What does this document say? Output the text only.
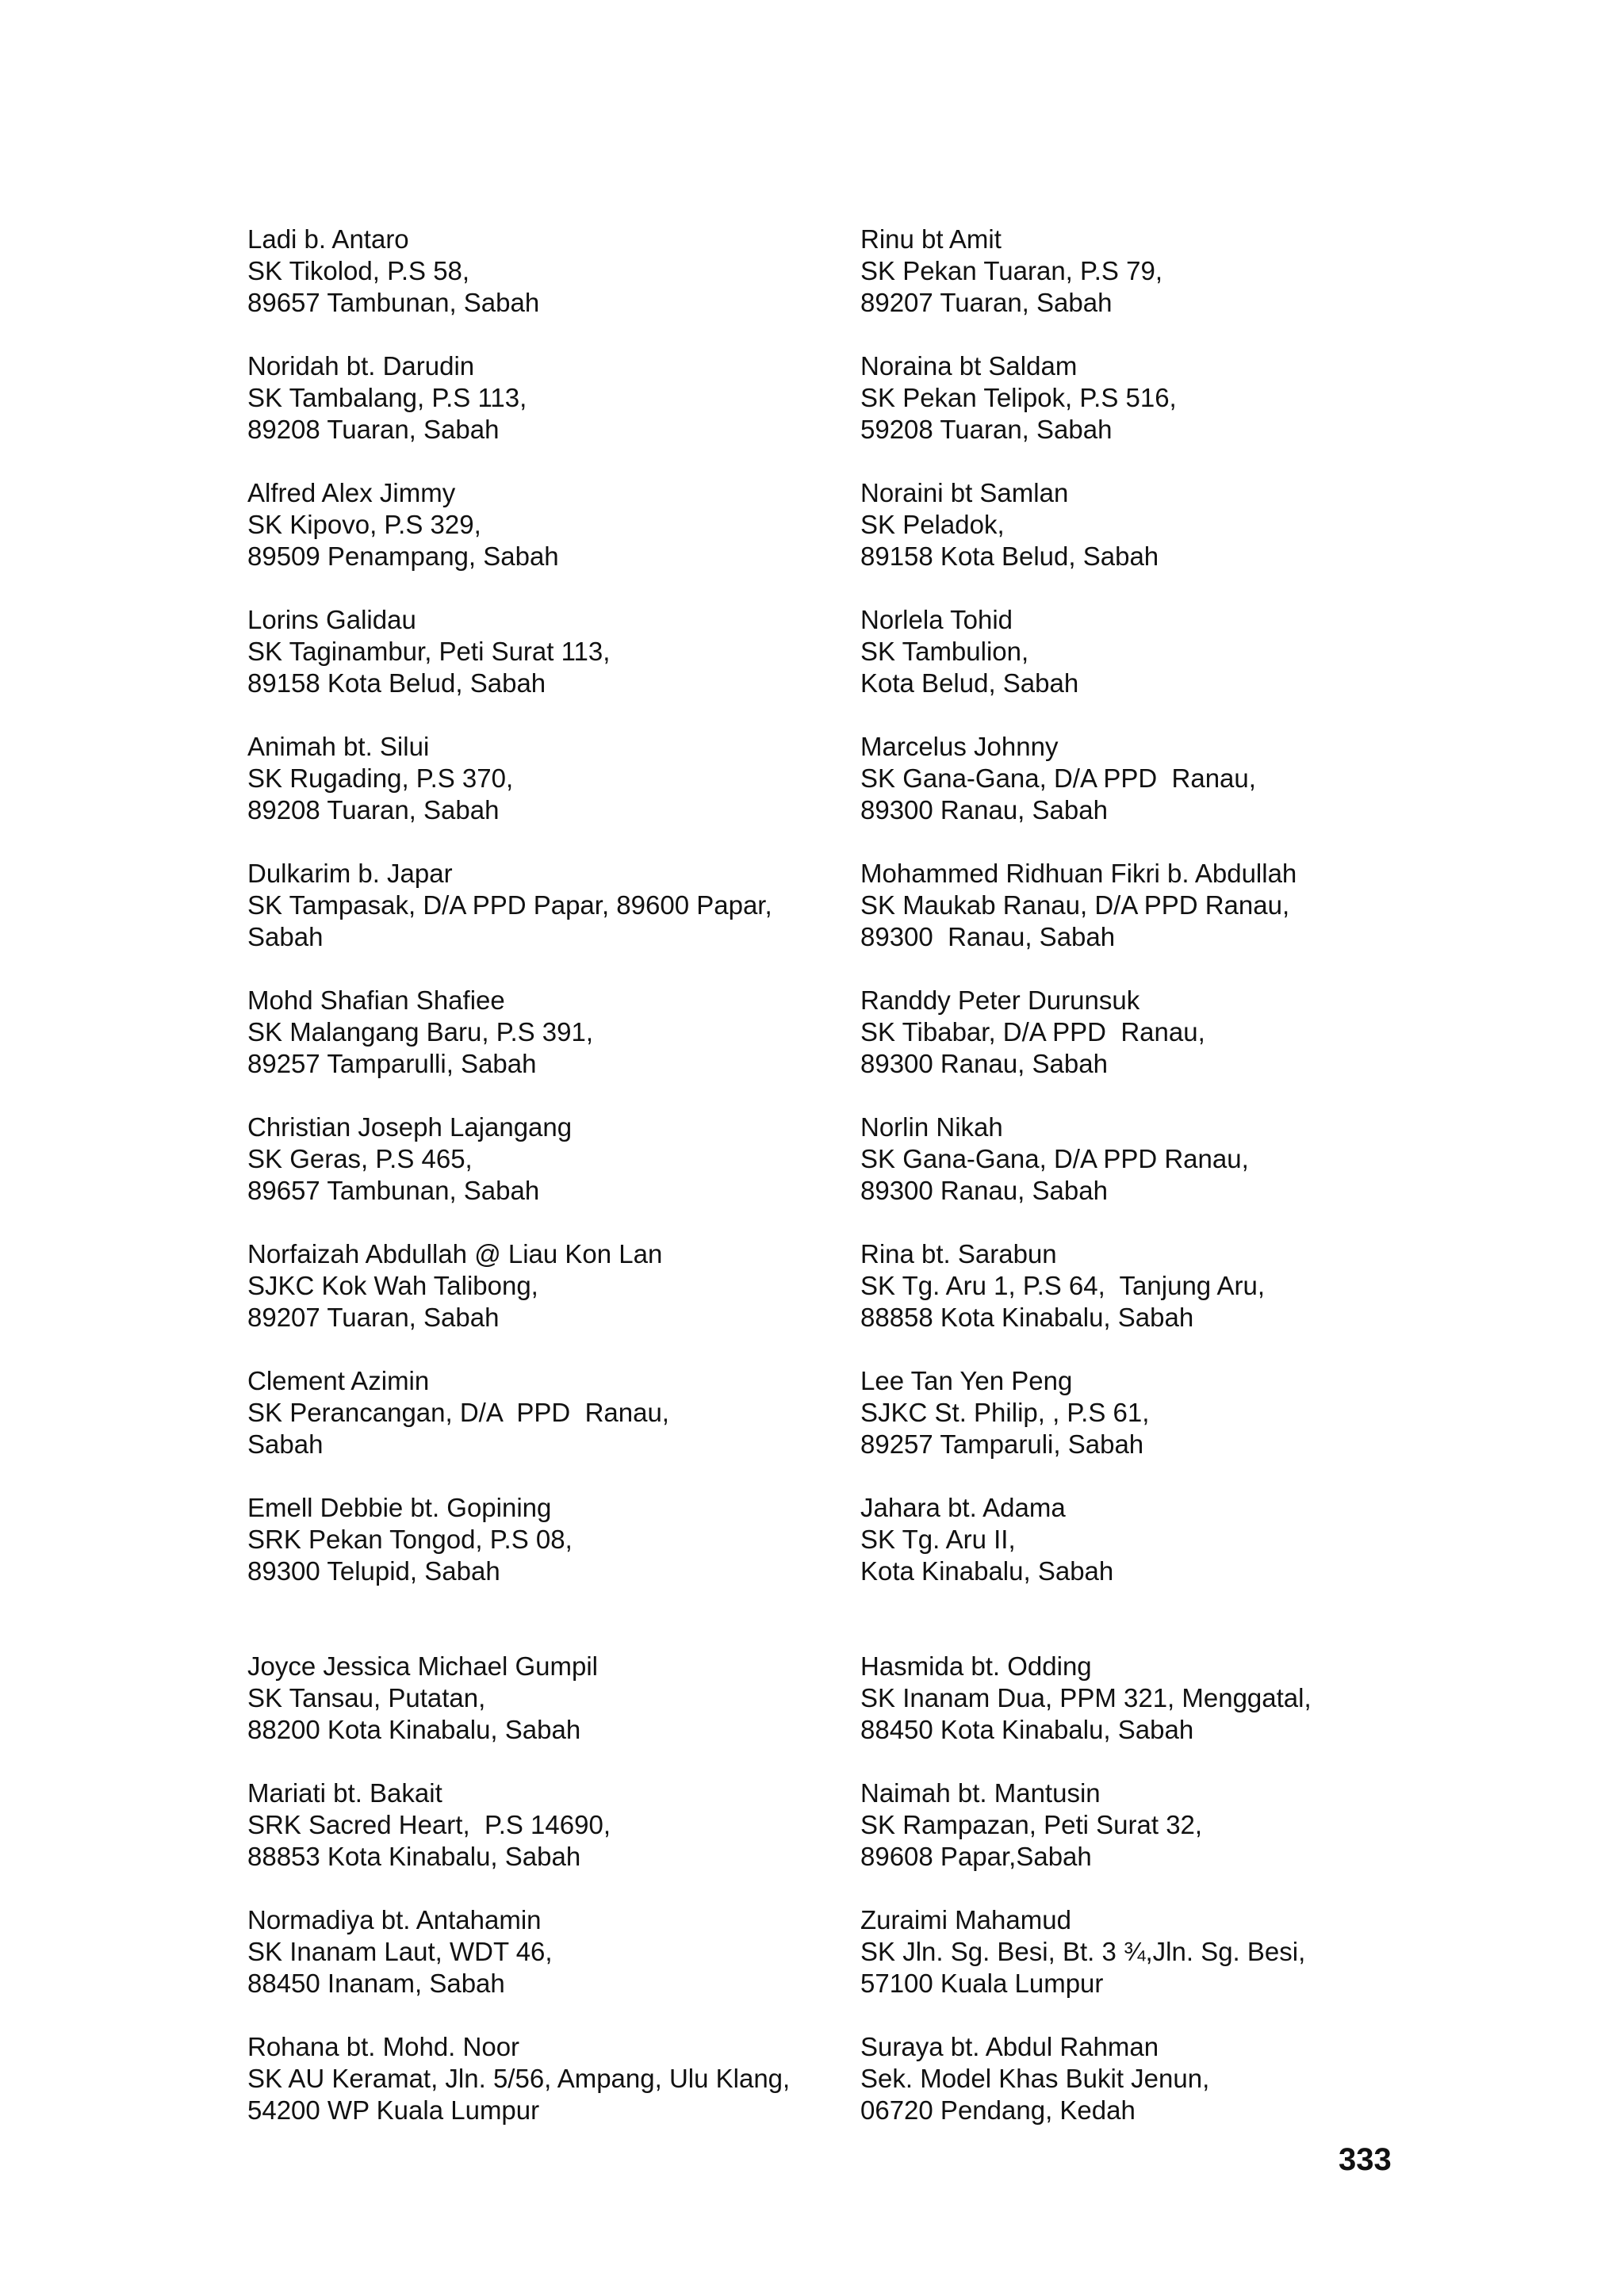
Ladi b. Antaro
SK Tikolod, P.S 58,
89657 Tambunan, Sabah
Noridah bt. Darudin
SK Tambalang, P.S 113,
89208 Tuaran, Sabah
Alfred Alex Jimmy
SK Kipovo, P.S 329,
89509 Penampang, Sabah
Lorins Galidau
SK Taginambur, Peti Surat 113,
89158 Kota Belud, Sabah
Animah bt. Silui
SK Rugading, P.S 370,
89208 Tuaran, Sabah
Dulkarim b. Japar
SK Tampasak, D/A PPD Papar, 89600 Papar,
Sabah
Mohd Shafian Shafiee
SK Malangang Baru, P.S 391,
89257 Tamparulli, Sabah
Christian Joseph Lajangang
SK Geras, P.S 465,
89657 Tambunan, Sabah
Norfaizah Abdullah @ Liau Kon Lan
SJKC Kok Wah Talibong,
89207 Tuaran, Sabah
Clement Azimin
SK Perancangan, D/A  PPD  Ranau,
Sabah
Emell Debbie bt. Gopining
SRK Pekan Tongod, P.S 08,
89300 Telupid, Sabah
Joyce Jessica Michael Gumpil
SK Tansau, Putatan,
88200 Kota Kinabalu, Sabah
Mariati bt. Bakait
SRK Sacred Heart,  P.S 14690,
88853 Kota Kinabalu, Sabah
Normadiya bt. Antahamin
SK Inanam Laut, WDT 46,
88450 Inanam, Sabah
Rohana bt. Mohd. Noor
SK AU Keramat, Jln. 5/56, Ampang, Ulu Klang,
54200 WP Kuala Lumpur
Rinu bt Amit
SK Pekan Tuaran, P.S 79,
89207 Tuaran, Sabah
Noraina bt Saldam
SK Pekan Telipok, P.S 516,
59208 Tuaran, Sabah
Noraini bt Samlan
SK Peladok,
89158 Kota Belud, Sabah
Norlela Tohid
SK Tambulion,
Kota Belud, Sabah
Marcelus Johnny
SK Gana-Gana, D/A PPD  Ranau,
89300 Ranau, Sabah
Mohammed Ridhuan Fikri b. Abdullah
SK Maukab Ranau, D/A PPD Ranau,
89300  Ranau, Sabah
Randdy Peter Durunsuk
SK Tibabar, D/A PPD  Ranau,
89300 Ranau, Sabah
Norlin Nikah
SK Gana-Gana, D/A PPD Ranau,
89300 Ranau, Sabah
Rina bt. Sarabun
SK Tg. Aru 1, P.S 64,  Tanjung Aru,
88858 Kota Kinabalu, Sabah
Lee Tan Yen Peng
SJKC St. Philip, , P.S 61,
89257 Tamparuli, Sabah
Jahara bt. Adama
SK Tg. Aru II,
Kota Kinabalu, Sabah
Hasmida bt. Odding
SK Inanam Dua, PPM 321, Menggatal,
88450 Kota Kinabalu, Sabah
Naimah bt. Mantusin
SK Rampazan, Peti Surat 32,
89608 Papar,Sabah
Zuraimi Mahamud
SK Jln. Sg. Besi, Bt. 3 ¾,Jln. Sg. Besi,
57100 Kuala Lumpur
Suraya bt. Abdul Rahman
Sek. Model Khas Bukit Jenun,
06720 Pendang, Kedah
333
